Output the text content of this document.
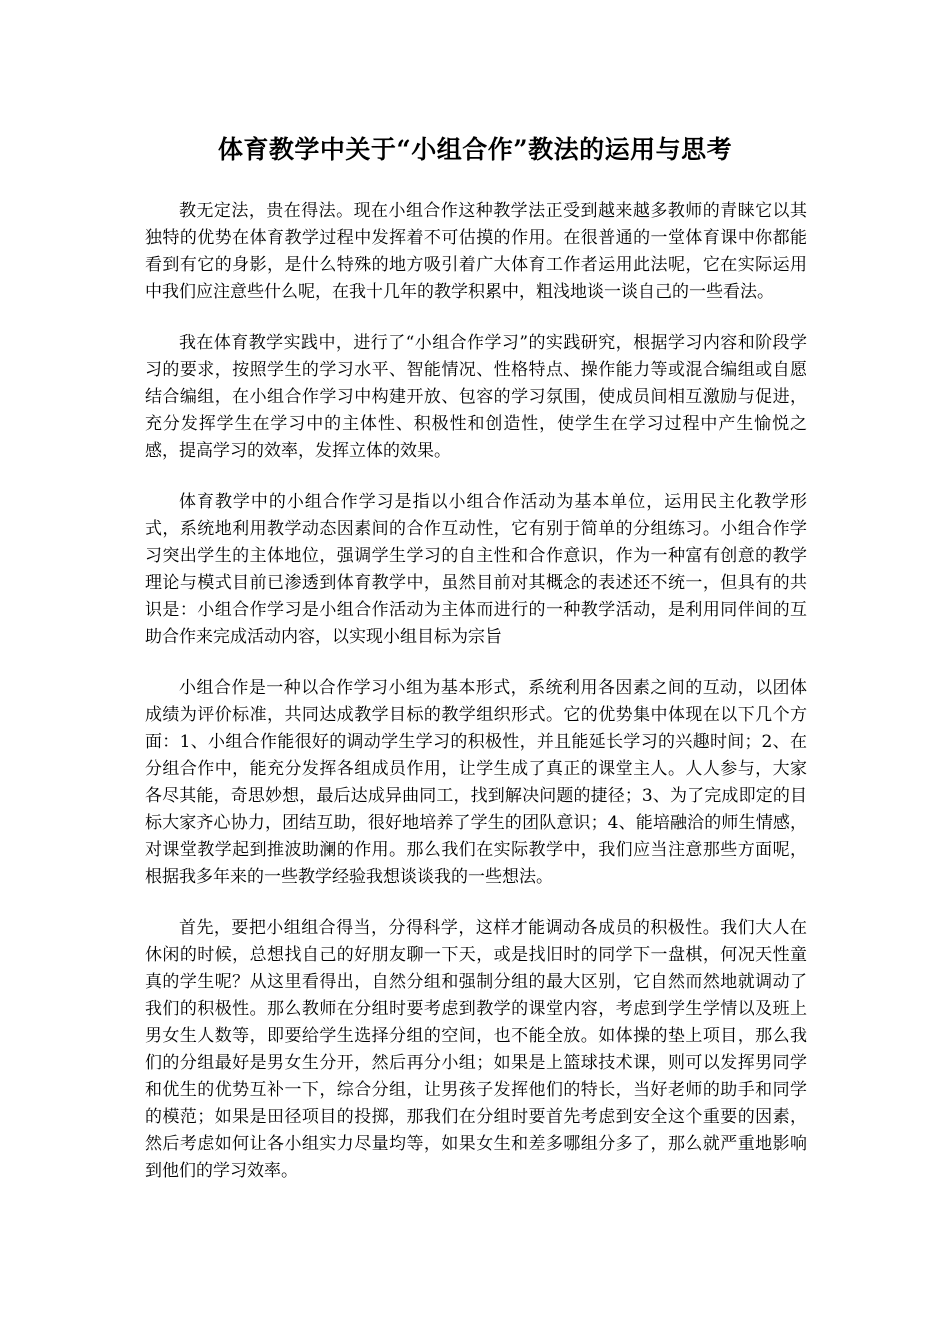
体育教学中关于“小组合作”教法的运用与思考

教无定法，贵在得法。现在小组合作这种教学法正受到越来越多教师的青睐它以其独特的优势在体育教学过程中发挥着不可估摸的作用。在很普通的一堂体育课中你都能看到有它的身影，是什么特殊的地方吸引着广大体育工作者运用此法呢，它在实际运用中我们应注意些什么呢，在我十几年的教学积累中，粗浅地谈一谈自己的一些看法。

我在体育教学实践中，进行了“小组合作学习”的实践研究，根据学习内容和阶段学习的要求，按照学生的学习水平、智能情况、性格特点、操作能力等或混合编组或自愿结合编组，在小组合作学习中构建开放、包容的学习氛围，使成员间相互激励与促进，充分发挥学生在学习中的主体性、积极性和创造性，使学生在学习过程中产生愉悦之感，提高学习的效率，发挥立体的效果。

体育教学中的小组合作学习是指以小组合作活动为基本单位，运用民主化教学形式，系统地利用教学动态因素间的合作互动性，它有别于简单的分组练习。小组合作学习突出学生的主体地位，强调学生学习的自主性和合作意识，作为一种富有创意的教学理论与模式目前已渗透到体育教学中，虽然目前对其概念的表述还不统一，但具有的共识是：小组合作学习是小组合作活动为主体而进行的一种教学活动，是利用同伴间的互助合作来完成活动内容，以实现小组目标为宗旨

小组合作是一种以合作学习小组为基本形式，系统利用各因素之间的互动，以团体成绩为评价标准，共同达成教学目标的教学组织形式。它的优势集中体现在以下几个方面：1、小组合作能很好的调动学生学习的积极性，并且能延长学习的兴趣时间；2、在分组合作中，能充分发挥各组成员作用，让学生成了真正的课堂主人。人人参与，大家各尽其能，奇思妙想，最后达成异曲同工，找到解决问题的捷径；3、为了完成即定的目标大家齐心协力，团结互助，很好地培养了学生的团队意识；4、能培融洽的师生情感，对课堂教学起到推波助澜的作用。那么我们在实际教学中，我们应当注意那些方面呢，根据我多年来的一些教学经验我想谈谈我的一些想法。

首先，要把小组组合得当，分得科学，这样才能调动各成员的积极性。我们大人在休闲的时候，总想找自己的好朋友聊一下天，或是找旧时的同学下一盘棋，何况天性童真的学生呢？从这里看得出，自然分组和强制分组的最大区别，它自然而然地就调动了我们的积极性。那么教师在分组时要考虑到教学的课堂内容，考虑到学生学情以及班上男女生人数等，即要给学生选择分组的空间，也不能全放。如体操的垫上项目，那么我们的分组最好是男女生分开，然后再分小组；如果是上篮球技术课，则可以发挥男同学和优生的优势互补一下，综合分组，让男孩子发挥他们的特长，当好老师的助手和同学的模范；如果是田径项目的投掷，那我们在分组时要首先考虑到安全这个重要的因素，然后考虑如何让各小组实力尽量均等，如果女生和差多哪组分多了，那么就严重地影响到他们的学习效率。
